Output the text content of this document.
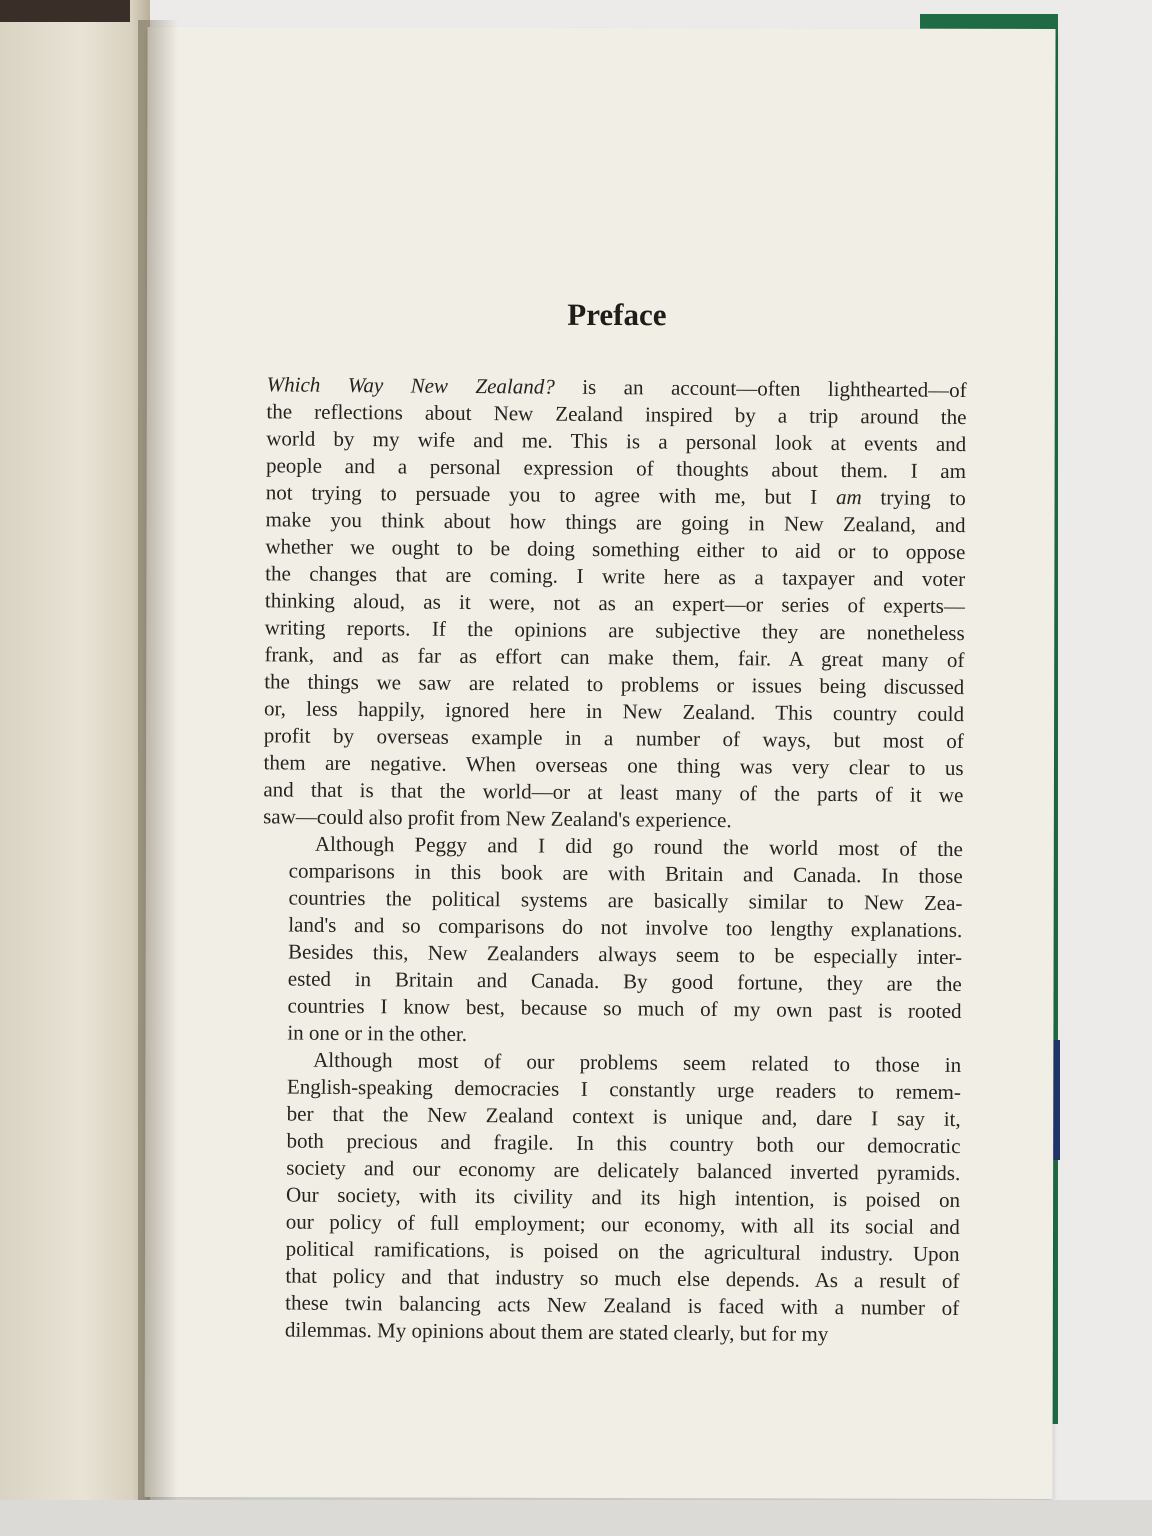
Preface
Which Way New Zealand? is an account—often lighthearted—of
the reflections about New Zealand inspired by a trip around the
world by my wife and me. This is a personal look at events and
people and a personal expression of thoughts about them. I am
not trying to persuade you to agree with me, but I am trying to
make you think about how things are going in New Zealand, and
whether we ought to be doing something either to aid or to oppose
the changes that are coming. I write here as a taxpayer and voter
thinking aloud, as it were, not as an expert—or series of experts—
writing reports. If the opinions are subjective they are nonetheless
frank, and as far as effort can make them, fair. A great many of
the things we saw are related to problems or issues being discussed
or, less happily, ignored here in New Zealand. This country could
profit by overseas example in a number of ways, but most of
them are negative. When overseas one thing was very clear to us
and that is that the world—or at least many of the parts of it we
saw—could also profit from New Zealand's experience.
Although Peggy and I did go round the world most of the
comparisons in this book are with Britain and Canada. In those
countries the political systems are basically similar to New Zea-
land's and so comparisons do not involve too lengthy explanations.
Besides this, New Zealanders always seem to be especially inter-
ested in Britain and Canada. By good fortune, they are the
countries I know best, because so much of my own past is rooted
in one or in the other.
Although most of our problems seem related to those in
English-speaking democracies I constantly urge readers to remem-
ber that the New Zealand context is unique and, dare I say it,
both precious and fragile. In this country both our democratic
society and our economy are delicately balanced inverted pyramids.
Our society, with its civility and its high intention, is poised on
our policy of full employment; our economy, with all its social and
political ramifications, is poised on the agricultural industry. Upon
that policy and that industry so much else depends. As a result of
these twin balancing acts New Zealand is faced with a number of
dilemmas. My opinions about them are stated clearly, but for my
